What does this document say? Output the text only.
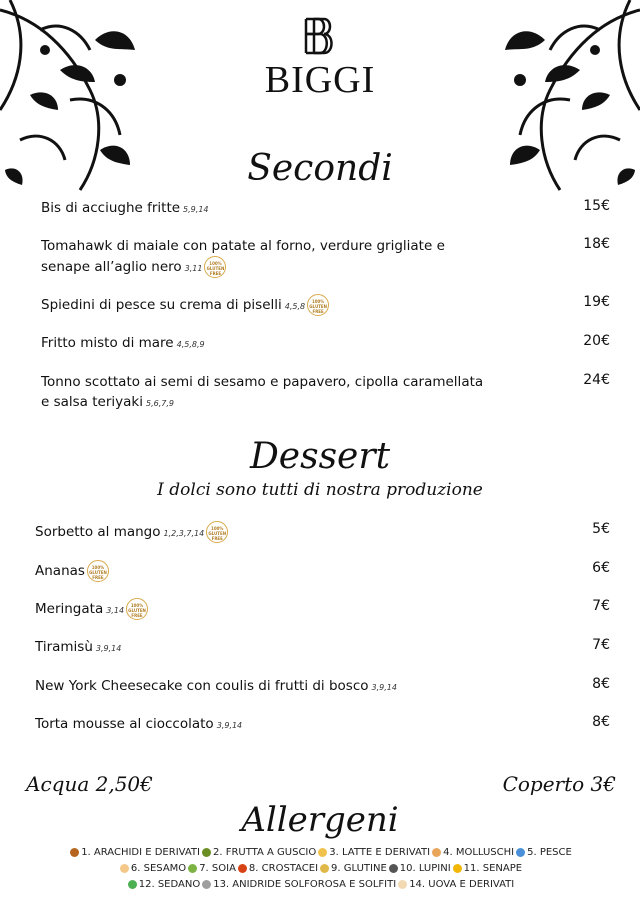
BIGGI
Secondi
Bis di acciughe fritte 5,9,14	15€
Tomahawk di maiale con patate al forno, verdure grigliate e
senape all’aglio nero 3,11
100% GLUTEN FREE
18€
Spiedini di pesce su crema di piselli 4,5,8
100% GLUTEN FREE
19€
Fritto misto di mare 4,5,8,9	20€
Tonno scottato ai semi di sesamo e papavero, cipolla caramellata
e salsa teriyaki 5,6,7,9
24€
Dessert
I dolci sono tutti di nostra produzione
Sorbetto al mango 1,2,3,7,14
100% GLUTEN FREE
5€
Ananas	100% GLUTEN FREE
6€
Meringata 3,14
100% GLUTEN FREE
7€
Tiramisù 3,9,14	7€
New York Cheesecake con coulis di frutti di bosco 3,9,14	8€
Torta mousse al cioccolato 3,9,14	8€
Acqua 2,50€	Coperto 3€
Allergeni
1. ARACHIDI E DERIVATI 2. FRUTTA A GUSCIO 3. LATTE E DERIVATI 4. MOLLUSCHI 5. PESCE
6. SESAMO 7. SOIA 8. CROSTACEI 9. GLUTINE 10. LUPINI 11. SENAPE
12. SEDANO 13. ANIDRIDE SOLFOROSA E SOLFITI 14. UOVA E DERIVATI
